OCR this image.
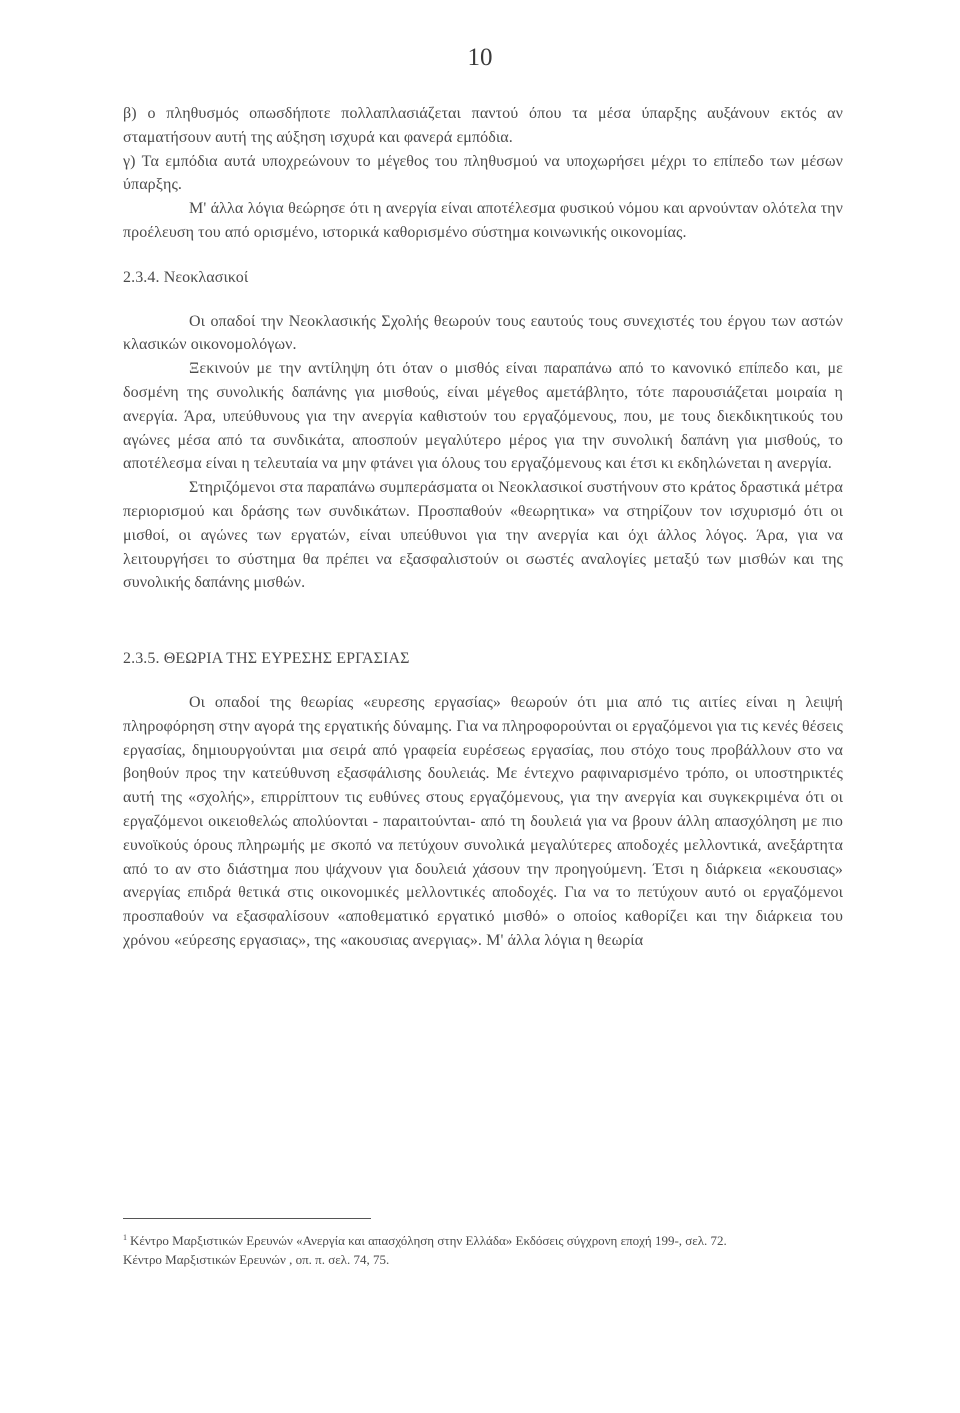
10

β) ο πληθυσμός οπωσδήποτε πολλαπλασιάζεται παντού όπου τα μέσα ύπαρξης αυξάνουν εκτός αν σταματήσουν αυτή της αύξηση ισχυρά και φανερά εμπόδια.

γ) Τα εμπόδια αυτά υποχρεώνουν το μέγεθος του πληθυσμού να υποχωρήσει μέχρι το επίπεδο των μέσων ύπαρξης.

Μ' άλλα λόγια θεώρησε ότι η ανεργία είναι αποτέλεσμα φυσικού νόμου και αρνούνταν ολότελα την προέλευση του από ορισμένο, ιστορικά καθορισμένο σύστημα κοινωνικής οικονομίας.

2.3.4. Νεοκλασικοί

Οι οπαδοί την Νεοκλασικής Σχολής θεωρούν τους εαυτούς τους συνεχιστές του έργου των αστών κλασικών οικονομολόγων.

Ξεκινούν με την αντίληψη ότι όταν ο μισθός είναι παραπάνω από το κανονικό επίπεδο και, με δοσμένη της συνολικής δαπάνης για μισθούς, είναι μέγεθος αμετάβλητο, τότε παρουσιάζεται μοιραία η ανεργία. Άρα, υπεύθυνους για την ανεργία καθιστούν του εργαζόμενους, που, με τους διεκδικητικούς του αγώνες μέσα από τα συνδικάτα, αποσπούν μεγαλύτερο μέρος για την συνολική δαπάνη για μισθούς, το αποτέλεσμα είναι η τελευταία να μην φτάνει για όλους του εργαζόμενους και έτσι κι εκδηλώνεται η ανεργία.

Στηριζόμενοι στα παραπάνω συμπεράσματα οι Νεοκλασικοί συστήνουν στο κράτος δραστικά μέτρα περιορισμού και δράσης των συνδικάτων. Προσπαθούν «θεωρητικα» να στηρίζουν τον ισχυρισμό ότι οι μισθοί, οι αγώνες των εργατών, είναι υπεύθυνοι για την ανεργία και όχι άλλος λόγος. Άρα, για να λειτουργήσει το σύστημα θα πρέπει να εξασφαλιστούν οι σωστές αναλογίες μεταξύ των μισθών και της συνολικής δαπάνης μισθών.

2.3.5. ΘΕΩΡΙΑ ΤΗΣ ΕΥΡΕΣΗΣ ΕΡΓΑΣΙΑΣ

Οι οπαδοί της θεωρίας «ευρεσης εργασίας» θεωρούν ότι μια από τις αιτίες είναι η λειψή πληροφόρηση στην αγορά της εργατικής δύναμης. Για να πληροφορούνται οι εργαζόμενοι για τις κενές θέσεις εργασίας, δημιουργούνται μια σειρά από γραφεία ευρέσεως εργασίας, που στόχο τους προβάλλουν στο να βοηθούν προς την κατεύθυνση εξασφάλισης δουλειάς. Με έντεχνο ραφιναρισμένο τρόπο, οι υποστηρικτές αυτή της «σχολής», επιρρίπτουν τις ευθύνες στους εργαζόμενους, για την ανεργία και συγκεκριμένα ότι οι εργαζόμενοι οικειοθελώς απολύονται - παραιτούνται- από τη δουλειά για να βρουν άλλη απασχόληση με πιο ευνοϊκούς όρους πληρωμής με σκοπό να πετύχουν συνολικά μεγαλύτερες αποδοχές μελλοντικά, ανεξάρτητα από το αν στο διάστημα που ψάχνουν για δουλειά χάσουν την προηγούμενη. Έτσι η διάρκεια «εκουσιας» ανεργίας επιδρά θετικά στις οικονομικές μελλοντικές αποδοχές. Για να το πετύχουν αυτό οι εργαζόμενοι προσπαθούν να εξασφαλίσουν «αποθεματικό εργατικό μισθό» ο οποίος καθορίζει και την διάρκεια του χρόνου «εύρεσης εργασιας», της «ακουσιας ανεργιας». Μ' άλλα λόγια η θεωρία

$^1$ Κέντρο Μαρξιστικών Ερευνών «Ανεργία και απασχόληση στην Ελλάδα» Εκδόσεις σύγχρονη εποχή 199-, σελ. 72.

Κέντρο Μαρξιστικών Ερευνών , οπ. π. σελ. 74, 75.
